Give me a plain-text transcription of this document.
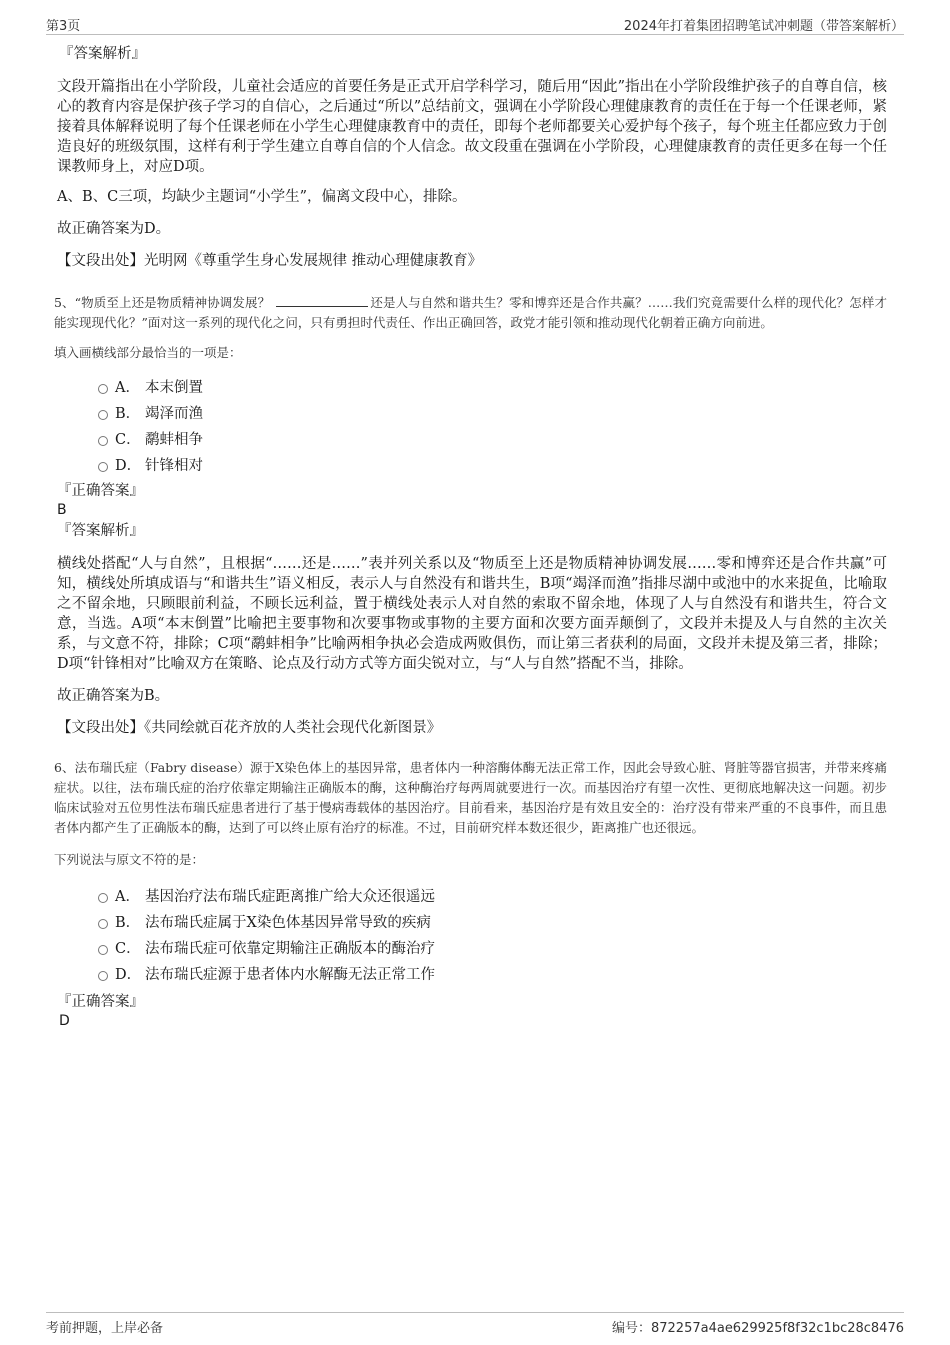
第3页	2024年打着集团招聘笔试冲刺题（带答案解析）
『答案解析』
文段开篇指出在小学阶段，儿童社会适应的首要任务是正式开启学科学习，随后用“因此”指出在小学阶段维护孩子的自尊自信，核心的教育内容是保护孩子学习的自信心，之后通过“所以”总结前文，强调在小学阶段心理健康教育的责任在于每一个任课老师，紧接着具体解释说明了每个任课老师在小学生心理健康教育中的责任，即每个老师都要关心爱护每个孩子，每个班主任都应致力于创造良好的班级氛围，这样有利于学生建立自尊自信的个人信念。故文段重在强调在小学阶段，心理健康教育的责任更多在每一个任课教师身上，对应D项。
A、B、C三项，均缺少主题词“小学生”，偏离文段中心，排除。
故正确答案为D。
【文段出处】光明网《尊重学生身心发展规律 推动心理健康教育》
5、“物质至上还是物质精神协调发展？	还是人与自然和谐共生？零和博弈还是合作共赢？……我们究竟需要什么样的现代化？怎样才能实现现代化？”面对这一系列的现代化之问，只有勇担时代责任、作出正确回答，政党才能引领和推动现代化朝着正确方向前进。
填入画横线部分最恰当的一项是：
A． 本末倒置
B． 竭泽而渔
C． 鹬蚌相争
D． 针锋相对
『正确答案』
B
『答案解析』
横线处搭配“人与自然”，且根据“……还是……”表并列关系以及“物质至上还是物质精神协调发展……零和博弈还是合作共赢”可知，横线处所填成语与“和谐共生”语义相反，表示人与自然没有和谐共生，B项“竭泽而渔”指排尽湖中或池中的水来捉鱼，比喻取之不留余地，只顾眼前利益，不顾长远利益，置于横线处表示人对自然的索取不留余地，体现了人与自然没有和谐共生，符合文意，当选。A项“本末倒置”比喻把主要事物和次要事物或事物的主要方面和次要方面弄颠倒了，文段并未提及人与自然的主次关系，与文意不符，排除；C项“鹬蚌相争”比喻两相争执必会造成两败俱伤，而让第三者获利的局面，文段并未提及第三者，排除；D项“针锋相对”比喻双方在策略、论点及行动方式等方面尖锐对立，与“人与自然”搭配不当，排除。
故正确答案为B。
【文段出处】《共同绘就百花齐放的人类社会现代化新图景》
6、法布瑞氏症（Fabry disease）源于X染色体上的基因异常，患者体内一种溶酶体酶无法正常工作，因此会导致心脏、肾脏等器官损害，并带来疼痛症状。以往，法布瑞氏症的治疗依靠定期输注正确版本的酶，这种酶治疗每两周就要进行一次。而基因治疗有望一次性、更彻底地解决这一问题。初步临床试验对五位男性法布瑞氏症患者进行了基于慢病毒载体的基因治疗。目前看来，基因治疗是有效且安全的：治疗没有带来严重的不良事件，而且患者体内都产生了正确版本的酶，达到了可以终止原有治疗的标准。不过，目前研究样本数还很少，距离推广也还很远。
下列说法与原文不符的是：
A． 基因治疗法布瑞氏症距离推广给大众还很遥远
B． 法布瑞氏症属于X染色体基因异常导致的疾病
C． 法布瑞氏症可依靠定期输注正确版本的酶治疗
D． 法布瑞氏症源于患者体内水解酶无法正常工作
『正确答案』
D
考前押题，上岸必备	编号：872257a4ae629925f8f32c1bc28c8476
